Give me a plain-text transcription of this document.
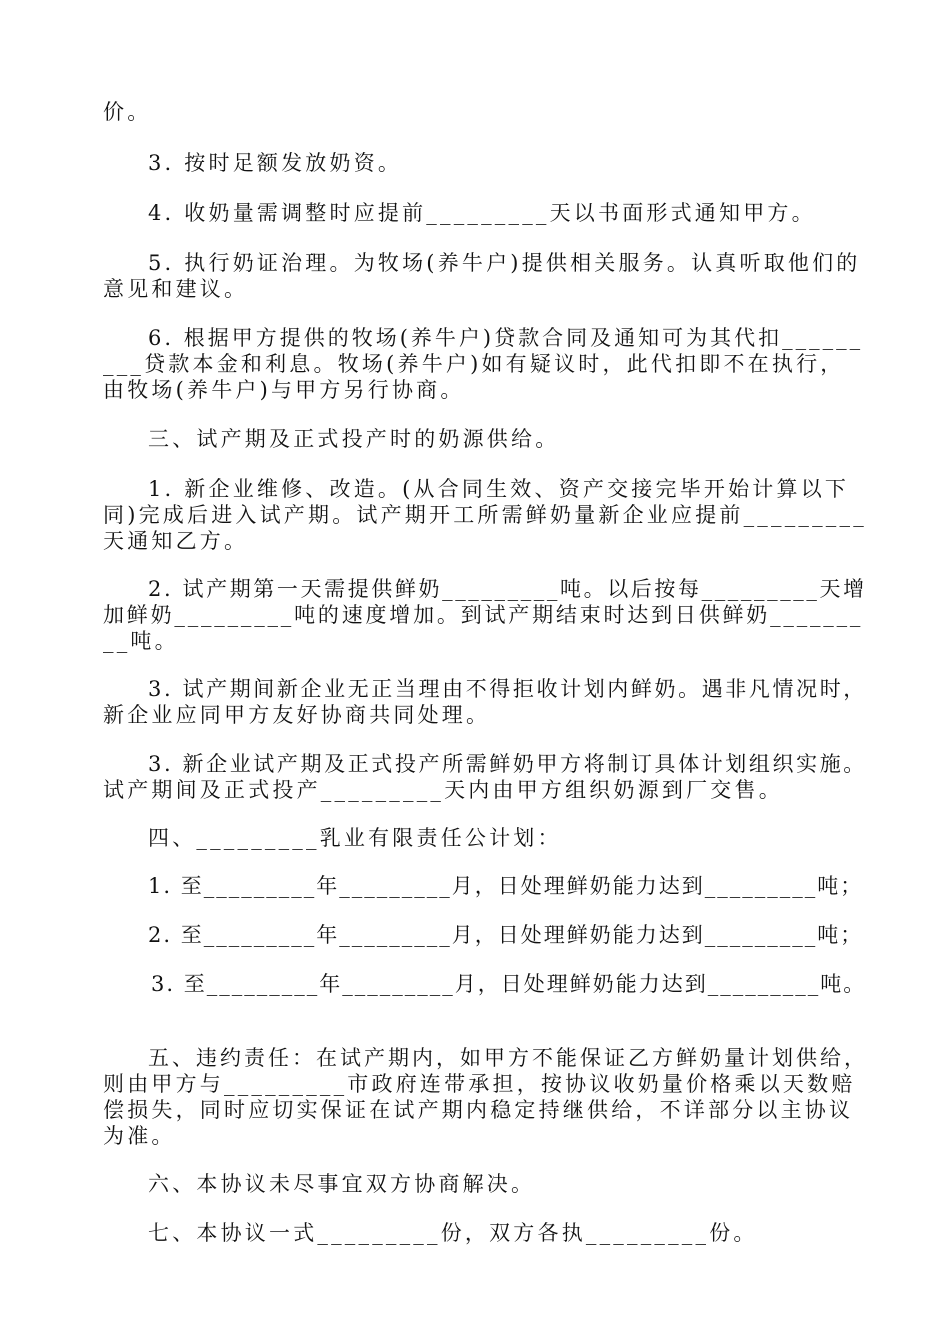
价。
3. 按时足额发放奶资。
4. 收奶量需调整时应提前_________天以书面形式通知甲方。
5. 执行奶证治理。为牧场(养牛户)提供相关服务。认真听取他们的
意见和建议。
6. 根据甲方提供的牧场(养牛户)贷款合同及通知可为其代扣______
___贷款本金和利息。牧场(养牛户)如有疑议时，此代扣即不在执行，
由牧场(养牛户)与甲方另行协商。
三、试产期及正式投产时的奶源供给。
1. 新企业维修、改造。(从合同生效、资产交接完毕开始计算以下
同)完成后进入试产期。试产期开工所需鲜奶量新企业应提前_________
天通知乙方。
2. 试产期第一天需提供鲜奶_________吨。以后按每_________天增
加鲜奶_________吨的速度增加。到试产期结束时达到日供鲜奶_______
__吨。
3. 试产期间新企业无正当理由不得拒收计划内鲜奶。遇非凡情况时，
新企业应同甲方友好协商共同处理。
3. 新企业试产期及正式投产所需鲜奶甲方将制订具体计划组织实施。
试产期间及正式投产_________天内由甲方组织奶源到厂交售。
四、_________乳业有限责任公计划：
1. 至_________年_________月，日处理鲜奶能力达到_________吨；
2. 至_________年_________月，日处理鲜奶能力达到_________吨；
3. 至_________年_________月，日处理鲜奶能力达到_________吨。
五、违约责任：在试产期内，如甲方不能保证乙方鲜奶量计划供给，
则由甲方与_________市政府连带承担，按协议收奶量价格乘以天数赔
偿损失，同时应切实保证在试产期内稳定持继供给，不详部分以主协议
为准。
六、本协议未尽事宜双方协商解决。
七、本协议一式_________份，双方各执_________份。
